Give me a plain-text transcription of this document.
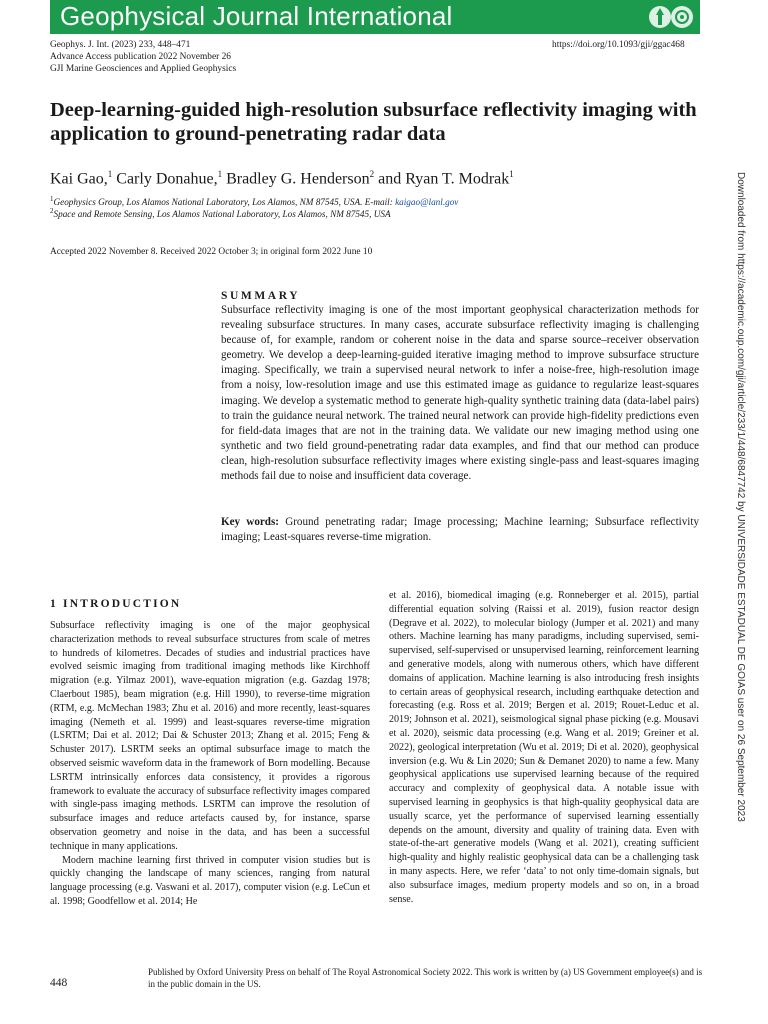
Geophysical Journal International
Geophys. J. Int. (2023) 233, 448–471
Advance Access publication 2022 November 26
GJI Marine Geosciences and Applied Geophysics
https://doi.org/10.1093/gji/ggac468
Deep-learning-guided high-resolution subsurface reflectivity imaging with application to ground-penetrating radar data
Kai Gao,$^1$ Carly Donahue,$^1$ Bradley G. Henderson$^2$ and Ryan T. Modrak$^1$
$^1$Geophysics Group, Los Alamos National Laboratory, Los Alamos, NM 87545, USA. E-mail: kaigao@lanl.gov
$^2$Space and Remote Sensing, Los Alamos National Laboratory, Los Alamos, NM 87545, USA
Accepted 2022 November 8. Received 2022 October 3; in original form 2022 June 10
SUMMARY

Subsurface reflectivity imaging is one of the most important geophysical characterization methods for revealing subsurface structures. In many cases, accurate subsurface reflectivity imaging is challenging because of, for example, random or coherent noise in the data and sparse source–receiver observation geometry. We develop a deep-learning-guided iterative imaging method to improve subsurface structure imaging. Specifically, we train a supervised neural network to infer a noise-free, high-resolution image from a noisy, low-resolution image and use this estimated image as guidance to regularize least-squares imaging. We develop a systematic method to generate high-quality synthetic training data (data-label pairs) to train the guidance neural network. The trained neural network can provide high-fidelity predictions even for field-data images that are not in the training data. We validate our new imaging method using one synthetic and two field ground-penetrating radar data examples, and find that our method can produce clean, high-resolution subsurface reflectivity images where existing single-pass and least-squares imaging methods fail due to noise and insufficient data coverage.

Key words: Ground penetrating radar; Image processing; Machine learning; Subsurface reflectivity imaging; Least-squares reverse-time migration.

1 INTRODUCTION

Subsurface reflectivity imaging is one of the major geophysical characterization methods to reveal subsurface structures from scale of metres to hundreds of kilometres. Decades of studies and industrial practices have evolved seismic imaging from traditional imaging methods like Kirchhoff migration (e.g. Yilmaz 2001), wave-equation migration (e.g. Gazdag 1978; Claerbout 1985), beam migration (e.g. Hill 1990), to reverse-time migration (RTM, e.g. McMechan 1983; Zhu et al. 2016) and more recently, least-squares imaging (Nemeth et al. 1999) and least-squares reverse-time migration (LSRTM; Dai et al. 2012; Dai & Schuster 2013; Zhang et al. 2015; Feng & Schuster 2017). LSRTM seeks an optimal subsurface image to match the observed seismic waveform data in the framework of Born modelling. Because LSRTM intrinsically enforces data consistency, it provides a rigorous framework to evaluate the accuracy of subsurface reflectivity images compared with single-pass imaging methods. LSRTM can improve the resolution of subsurface images and reduce artefacts caused by, for instance, sparse observation geometry and noise in the data, and has been a successful technique in many applications.

Modern machine learning first thrived in computer vision studies but is quickly changing the landscape of many sciences, ranging from natural language processing (e.g. Vaswani et al. 2017), computer vision (e.g. LeCun et al. 1998; Goodfellow et al. 2014; He

et al. 2016), biomedical imaging (e.g. Ronneberger et al. 2015), partial differential equation solving (Raissi et al. 2019), fusion reactor design (Degrave et al. 2022), to molecular biology (Jumper et al. 2021) and many others. Machine learning has many paradigms, including supervised, semi-supervised, self-supervised or unsupervised learning, reinforcement learning and generative models, along with numerous others, which have different domains of application. Machine learning is also introducing fresh insights to certain areas of geophysical research, including earthquake detection and forecasting (e.g. Ross et al. 2019; Bergen et al. 2019; Rouet-Leduc et al. 2019; Johnson et al. 2021), seismological signal phase picking (e.g. Mousavi et al. 2020), seismic data processing (e.g. Wang et al. 2019; Greiner et al. 2022), geological interpretation (Wu et al. 2019; Di et al. 2020), geophysical inversion (e.g. Wu & Lin 2020; Sun & Demanet 2020) to name a few. Many geophysical applications use supervised learning because of the required accuracy and complexity of geophysical data. A notable issue with supervised learning in geophysics is that high-quality geophysical data are usually scarce, yet the performance of supervised learning essentially depends on the amount, diversity and quality of training data. Even with state-of-the-art generative models (Wang et al. 2021), creating sufficient high-quality and highly realistic geophysical data can be a challenging task in many aspects. Here, we refer ‘data’ to not only time-domain signals, but also subsurface images, medium property models and so on, in a broad sense.

448
Published by Oxford University Press on behalf of The Royal Astronomical Society 2022. This work is written by (a) US Government employee(s) and is in the public domain in the US.
Downloaded from https://academic.oup.com/gji/article/233/1/448/6847742 by UNIVERSIDADE ESTADUAL DE GOIAS user on 26 September 2023
